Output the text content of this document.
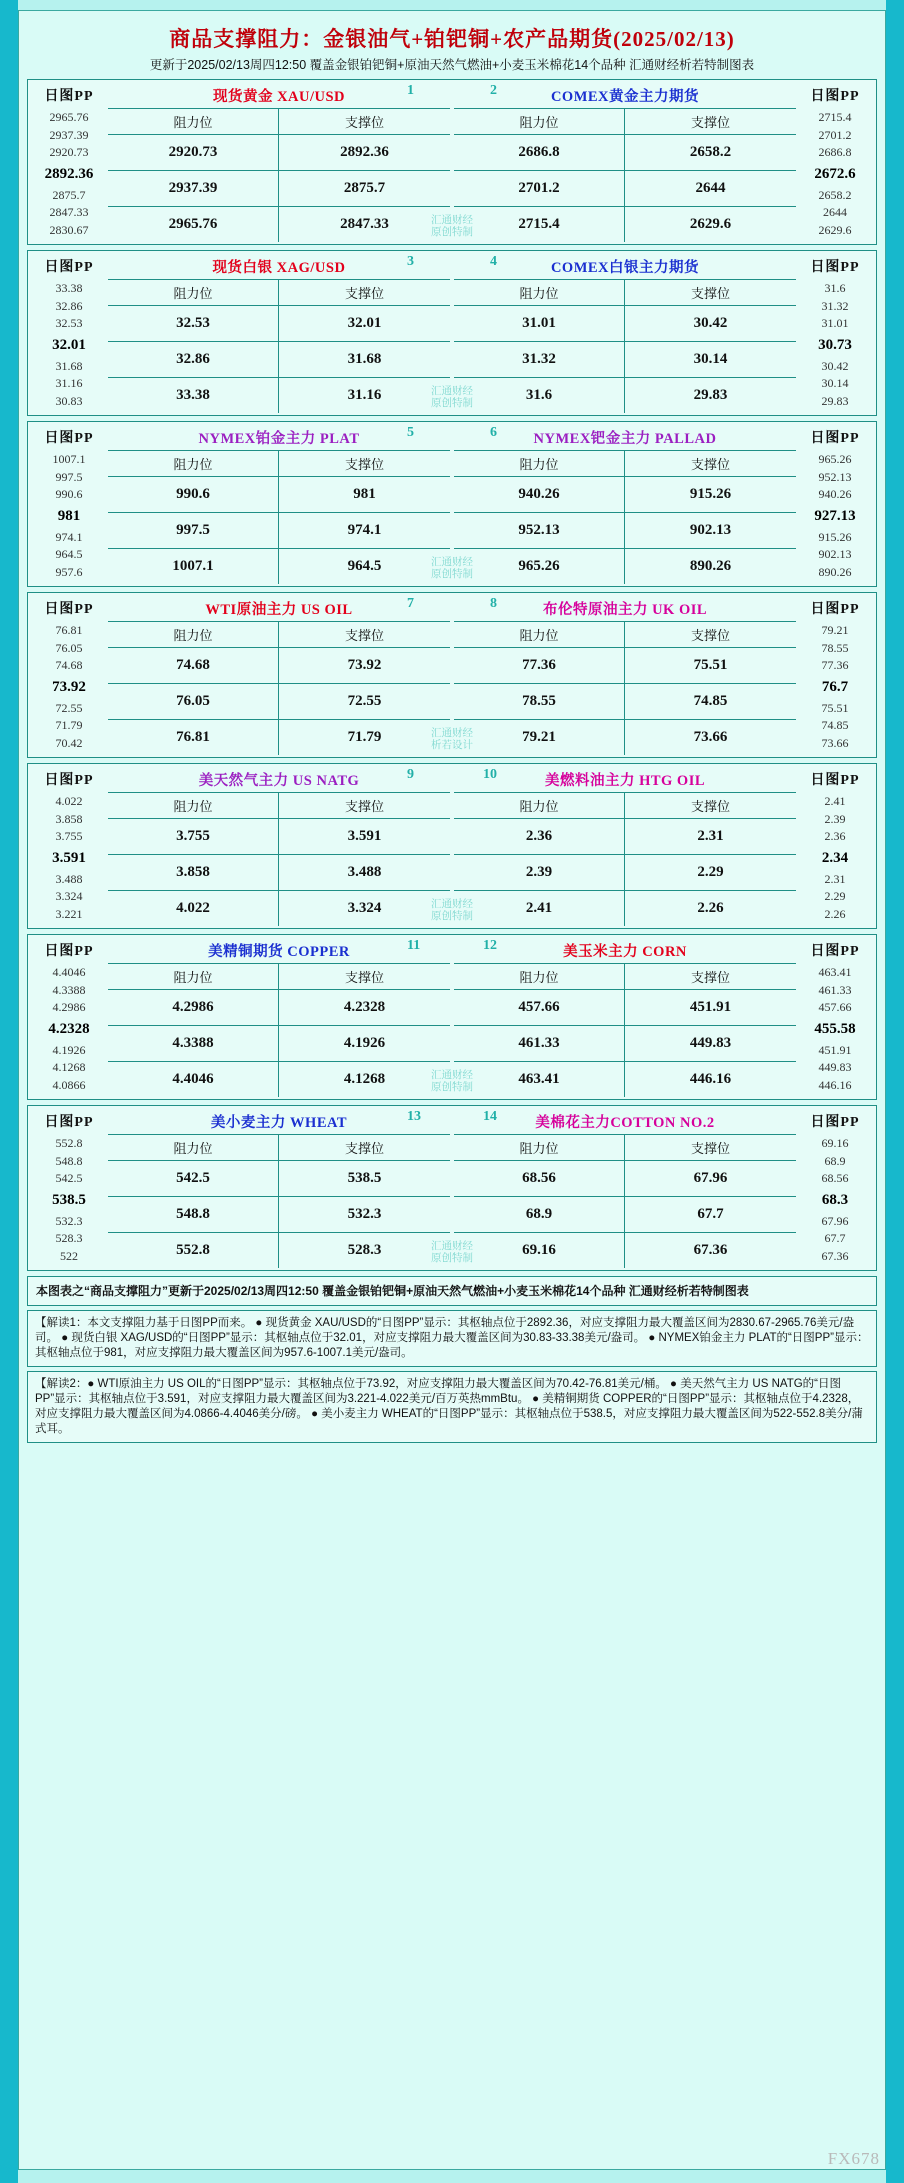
商品支撑阻力：金银油气+铂钯铜+农产品期货(2025/02/13)
更新于2025/02/13周四12:50 覆盖金银铂钯铜+原油天然气燃油+小麦玉米棉花14个品种 汇通财经析若特制图表
日图PP	现货黄金 XAU/USD
2965.76
2937.39
2920.73
2892.36
2875.7
2847.33
2830.67
阻力位	支撑位
2920.73	2892.36
2937.39	2875.7
2965.76	2847.33
COMEX黄金主力期货	日图PP
阻力位	支撑位
2686.8	2658.2
2701.2	2644
2715.4	2629.6
2715.4
2701.2
2686.8
2672.6
2658.2
2644
2629.6
1	2
汇通财经
原创特制
日图PP	现货白银 XAG/USD
33.38
32.86
32.53
32.01
31.68
31.16
30.83
阻力位	支撑位
32.53	32.01
32.86	31.68
33.38	31.16
COMEX白银主力期货	日图PP
阻力位	支撑位
31.01	30.42
31.32	30.14
31.6	29.83
31.6
31.32
31.01
30.73
30.42
30.14
29.83
3	4
汇通财经
原创特制
日图PP	NYMEX铂金主力 PLAT
1007.1
997.5
990.6
981
974.1
964.5
957.6
阻力位	支撑位
990.6	981
997.5	974.1
1007.1	964.5
NYMEX钯金主力 PALLAD	日图PP
阻力位	支撑位
940.26	915.26
952.13	902.13
965.26	890.26
965.26
952.13
940.26
927.13
915.26
902.13
890.26
5	6
汇通财经
原创特制
日图PP	WTI原油主力 US OIL
76.81
76.05
74.68
73.92
72.55
71.79
70.42
阻力位	支撑位
74.68	73.92
76.05	72.55
76.81	71.79
布伦特原油主力 UK OIL	日图PP
阻力位	支撑位
77.36	75.51
78.55	74.85
79.21	73.66
79.21
78.55
77.36
76.7
75.51
74.85
73.66
7	8
汇通财经
析若设计
日图PP	美天然气主力 US NATG
4.022
3.858
3.755
3.591
3.488
3.324
3.221
阻力位	支撑位
3.755	3.591
3.858	3.488
4.022	3.324
美燃料油主力 HTG OIL	日图PP
阻力位	支撑位
2.36	2.31
2.39	2.29
2.41	2.26
2.41
2.39
2.36
2.34
2.31
2.29
2.26
9	10
汇通财经
原创特制
日图PP	美精铜期货 COPPER
4.4046
4.3388
4.2986
4.2328
4.1926
4.1268
4.0866
阻力位	支撑位
4.2986	4.2328
4.3388	4.1926
4.4046	4.1268
美玉米主力 CORN	日图PP
阻力位	支撑位
457.66	451.91
461.33	449.83
463.41	446.16
463.41
461.33
457.66
455.58
451.91
449.83
446.16
11	12
汇通财经
原创特制
日图PP	美小麦主力 WHEAT
552.8
548.8
542.5
538.5
532.3
528.3
522
阻力位	支撑位
542.5	538.5
548.8	532.3
552.8	528.3
美棉花主力COTTON NO.2	日图PP
阻力位	支撑位
68.56	67.96
68.9	67.7
69.16	67.36
69.16
68.9
68.56
68.3
67.96
67.7
67.36
13	14
汇通财经
原创特制
本图表之“商品支撑阻力”更新于2025/02/13周四12:50 覆盖金银铂钯铜+原油天然气燃油+小麦玉米棉花14个品种 汇通财经析若特制图表
【解读1：本文支撑阻力基于日图PP而来。 ● 现货黄金 XAU/USD的“日图PP”显示：其枢轴点位于2892.36，对应支撑阻力最大覆盖区间为2830.67-2965.76美元/盎司。 ● 现货白银 XAG/USD的“日图PP”显示：其枢轴点位于32.01，对应支撑阻力最大覆盖区间为30.83-33.38美元/盎司。 ● NYMEX铂金主力 PLAT的“日图PP”显示：其枢轴点位于981，对应支撑阻力最大覆盖区间为957.6-1007.1美元/盎司。
【解读2：● WTI原油主力 US OIL的“日图PP”显示：其枢轴点位于73.92，对应支撑阻力最大覆盖区间为70.42-76.81美元/桶。 ● 美天然气主力 US NATG的“日图PP”显示：其枢轴点位于3.591，对应支撑阻力最大覆盖区间为3.221-4.022美元/百万英热mmBtu。 ● 美精铜期货 COPPER的“日图PP”显示：其枢轴点位于4.2328，对应支撑阻力最大覆盖区间为4.0866-4.4046美分/磅。 ● 美小麦主力 WHEAT的“日图PP”显示：其枢轴点位于538.5，对应支撑阻力最大覆盖区间为522-552.8美分/蒲式耳。
FX678
